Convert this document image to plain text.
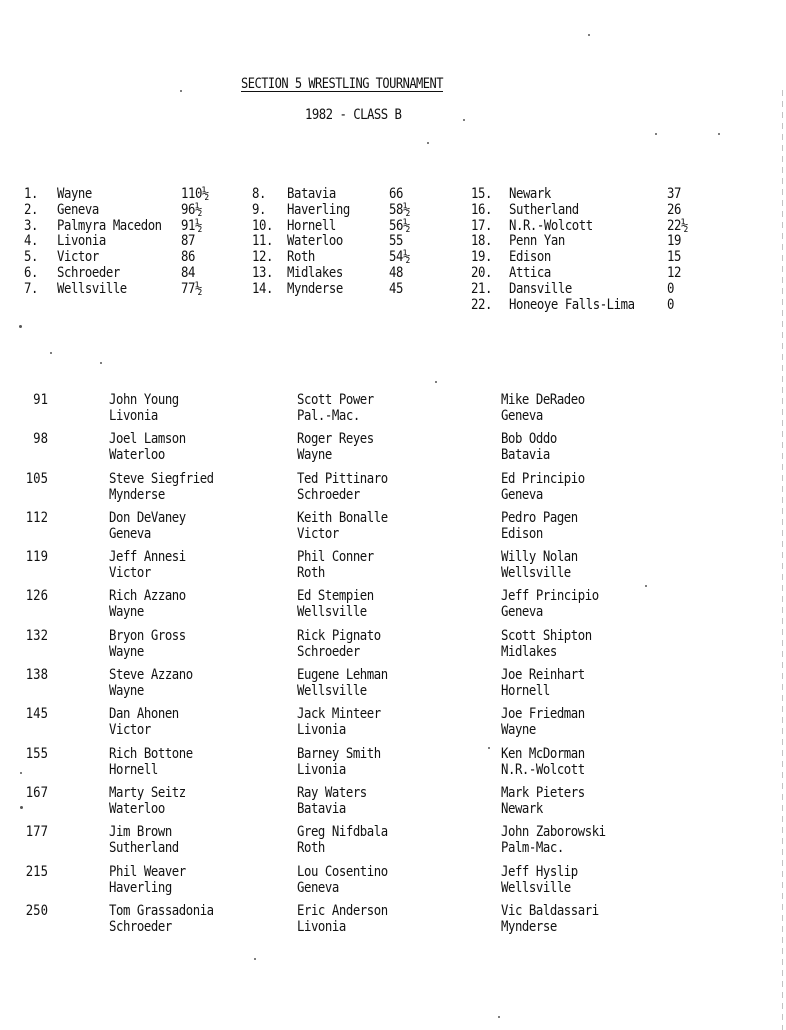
SECTION 5 WRESTLING TOURNAMENT
1982 - CLASS B
1. Wayne	110½
2. Geneva	96½
3. Palmyra Macedon 91½
4. Livonia	87
5. Victor	86
6. Schroeder	84
7. Wellsville	77½
8. Batavia	66
9. Haverling	58½
10. Hornell	56½
11. Waterloo	55
12. Roth	54½
13. Midlakes	48
14. Mynderse	45
15. Newark	37
16. Sutherland	26
17. N.R.-Wolcott	22½
18. Penn Yan	19
19. Edison	15
20. Attica	12
21. Dansville	0
22. Honeoye Falls-Lima 0
91	John Young
Livonia
Scott Power
Pal.-Mac.
Mike DeRadeo
Geneva
98	Joel Lamson
Waterloo
Roger Reyes
Wayne
Bob Oddo
Batavia
105	Steve Siegfried
Mynderse
Ted Pittinaro
Schroeder
Ed Principio
Geneva
112	Don DeVaney
Geneva
Keith Bonalle
Victor
Pedro Pagen
Edison
119	Jeff Annesi
Victor
Phil Conner
Roth
Willy Nolan
Wellsville
126	Rich Azzano
Wayne
Ed Stempien
Wellsville
Jeff Principio
Geneva
132	Bryon Gross
Wayne
Rick Pignato
Schroeder
Scott Shipton
Midlakes
138	Steve Azzano
Wayne
Eugene Lehman
Wellsville
Joe Reinhart
Hornell
145	Dan Ahonen
Victor
Jack Minteer
Livonia
Joe Friedman
Wayne
155	Rich Bottone
Hornell
Barney Smith
Livonia
Ken McDorman
N.R.-Wolcott
167	Marty Seitz
Waterloo
Ray Waters
Batavia
Mark Pieters
Newark
177	Jim Brown
Sutherland
Greg Nifdbala
Roth
John Zaborowski
Palm-Mac.
215	Phil Weaver
Haverling
Lou Cosentino
Geneva
Jeff Hyslip
Wellsville
250	Tom Grassadonia
Schroeder
Eric Anderson
Livonia
Vic Baldassari
Mynderse
